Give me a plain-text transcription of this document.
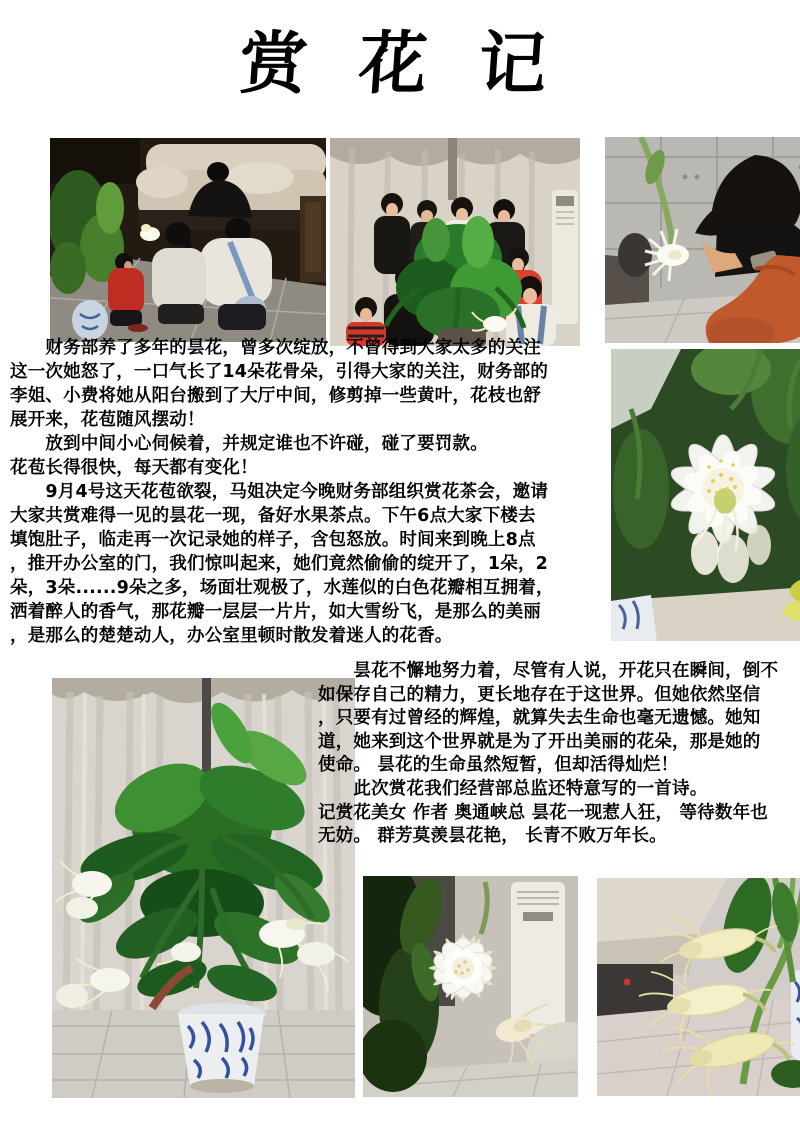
赏 花 记
　　财务部养了多年的昙花，曾多次绽放，不曾得到大家太多的关注
这一次她怒了，一口气长了14朵花骨朵，引得大家的关注，财务部的
李姐、小费将她从阳台搬到了大厅中间，修剪掉一些黄叶，花枝也舒
展开来，花苞随风摆动！
　　放到中间小心伺候着，并规定谁也不许碰，碰了要罚款。
花苞长得很快，每天都有变化！
　　9月4号这天花苞欲裂，马姐决定今晚财务部组织赏花茶会，邀请
大家共赏难得一见的昙花一现，备好水果茶点。下午6点大家下楼去
填饱肚子，临走再一次记录她的样子，含包怒放。时间来到晚上8点
，推开办公室的门，我们惊叫起来，她们竟然偷偷的绽开了，1朵，2
朵，3朵......9朵之多，场面壮观极了，水莲似的白色花瓣相互拥着，
洒着醉人的香气，那花瓣一层层一片片，如大雪纷飞，是那么的美丽
，是那么的楚楚动人，办公室里顿时散发着迷人的花香。
　　昙花不懈地努力着，尽管有人说，开花只在瞬间，倒不
如保存自己的精力，更长地存在于这世界。但她依然坚信
，只要有过曾经的辉煌，就算失去生命也毫无遗憾。她知
道，她来到这个世界就是为了开出美丽的花朵，那是她的
使命。 昙花的生命虽然短暂，但却活得灿烂！
　　此次赏花我们经营部总监还特意写的一首诗。
记赏花美女 作者 奥通峡总 昙花一现惹人狂， 等待数年也
无妨。 群芳莫羡昙花艳， 长青不败万年长。
